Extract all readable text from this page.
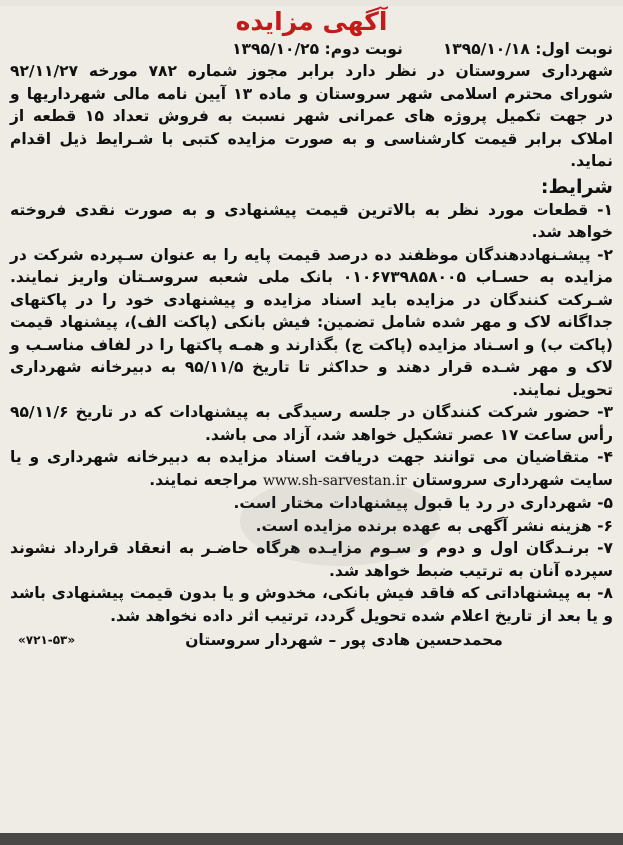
آگهی مزایده
نوبت اول: ۱۳۹۵/۱۰/۱۸
نوبت دوم: ۱۳۹۵/۱۰/۲۵

شهرداری سروستان در نظر دارد برابر مجوز شماره ۷۸۲ مورخه ۹۲/۱۱/۲۷ شورای محترم اسلامی شهر سروستان و ماده ۱۳ آیین نامه مالی شهرداریها و در جهت تکمیل پروژه های عمرانی شهر نسبت به فروش تعداد ۱۵ قطعه از املاک برابر قیمت کارشناسی و به صورت مزایده کتبی با شـرایط ذیل اقدام نماید.

شرایط:

۱- قطعات مورد نظر به بالاترین قیمت پیشنهادی و به صورت نقدی فروخته خواهد شد.

۲- پیشـنهاددهندگان موظفند ده درصد قیمت پایه را به عنوان سـپرده شرکت در مزایده به حسـاب ۰۱۰۶۷۳۹۸۵۸۰۰۵ بانک ملی شعبه سروسـتان واریز نمایند. شـرکت کنندگان در مزایده باید اسناد مزایده و پیشنهادی خود را در پاکتهای جداگانه لاک و مهر شده شامل تضمین: فیش بانکی (پاکت الف)، پیشنهاد قیمت (پاکت ب) و اسـناد مزایده (پاکت ج) بگذارند و همـه پاکتها را در لفاف مناسـب و لاک و مهر شـده قرار دهند و حداکثر تا تاریخ ۹۵/۱۱/۵ به دبیرخانه شهرداری تحویل نمایند.

۳- حضور شرکت کنندگان در جلسه رسیدگی به پیشنهادات که در تاریخ ۹۵/۱۱/۶ رأس ساعت ۱۷ عصر تشکیل خواهد شد، آزاد می باشد.

۴- متقاضیان می توانند جهت دریافت اسناد مزایده به دبیرخانه شهرداری و یا سایت شهرداری سروستان www.sh-sarvestan.ir مراجعه نمایند.

۵- شهرداری در رد یا قبول پیشنهادات مختار است.

۶- هزینه نشر آگهی به عهده برنده مزایده است.

۷- برنـدگان اول و دوم و سـوم مزایـده هرگاه حاضـر به انعقاد قرارداد نشوند سپرده آنان به ترتیب ضبط خواهد شد.

۸- به پیشنهاداتی که فاقد فیش بانکی، مخدوش و یا بدون قیمت پیشنهادی باشد و یا بعد از تاریخ اعلام شده تحویل گردد، ترتیب اثر داده نخواهد شد.

محمدحسین هادی پور – شهردار سروستان
«۷۲۱-۵۳»
